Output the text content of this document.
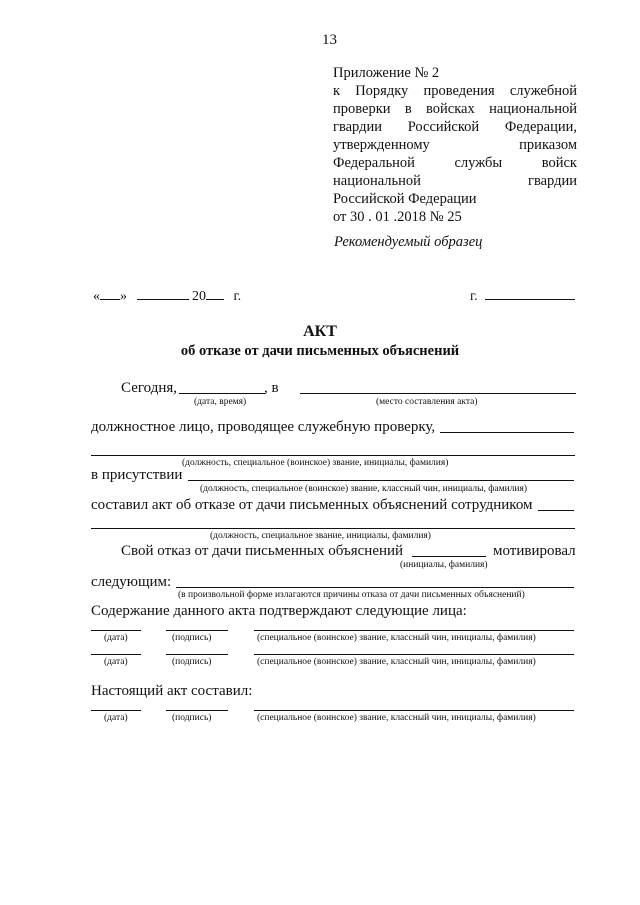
13
Приложение № 2
к Порядку проведения служебной
проверки в войсках национальной
гвардии Российской Федерации,
утвержденному	приказом
Федеральной	службы	войск
национальной	гвардии
Российской Федерации
от 30 . 01 .2018 № 25
Рекомендуемый образец
« »	20 г.	г.
АКТ
об отказе от дачи письменных объяснений
Сегодня,	, в
(дата, время)	(место составления акта)
должностное лицо, проводящее служебную проверку,
(должность, специальное (воинское) звание, инициалы, фамилия)
в присутствии
(должность, специальное (воинское) звание, классный чин, инициалы, фамилия)
составил акт об отказе от дачи письменных объяснений сотрудником
(должность, специальное звание, инициалы, фамилия)
Свой отказ от дачи письменных объяснений	мотивировал
(инициалы, фамилия)
следующим:
(в произвольной форме излагаются причины отказа от дачи письменных объяснений)
Содержание данного акта подтверждают следующие лица:
(дата)	(подпись)	(специальное (воинское) звание, классный чин, инициалы, фамилия)
(дата)	(подпись)	(специальное (воинское) звание, классный чин, инициалы, фамилия)
Настоящий акт составил:
(дата)	(подпись)	(специальное (воинское) звание, классный чин, инициалы, фамилия)
